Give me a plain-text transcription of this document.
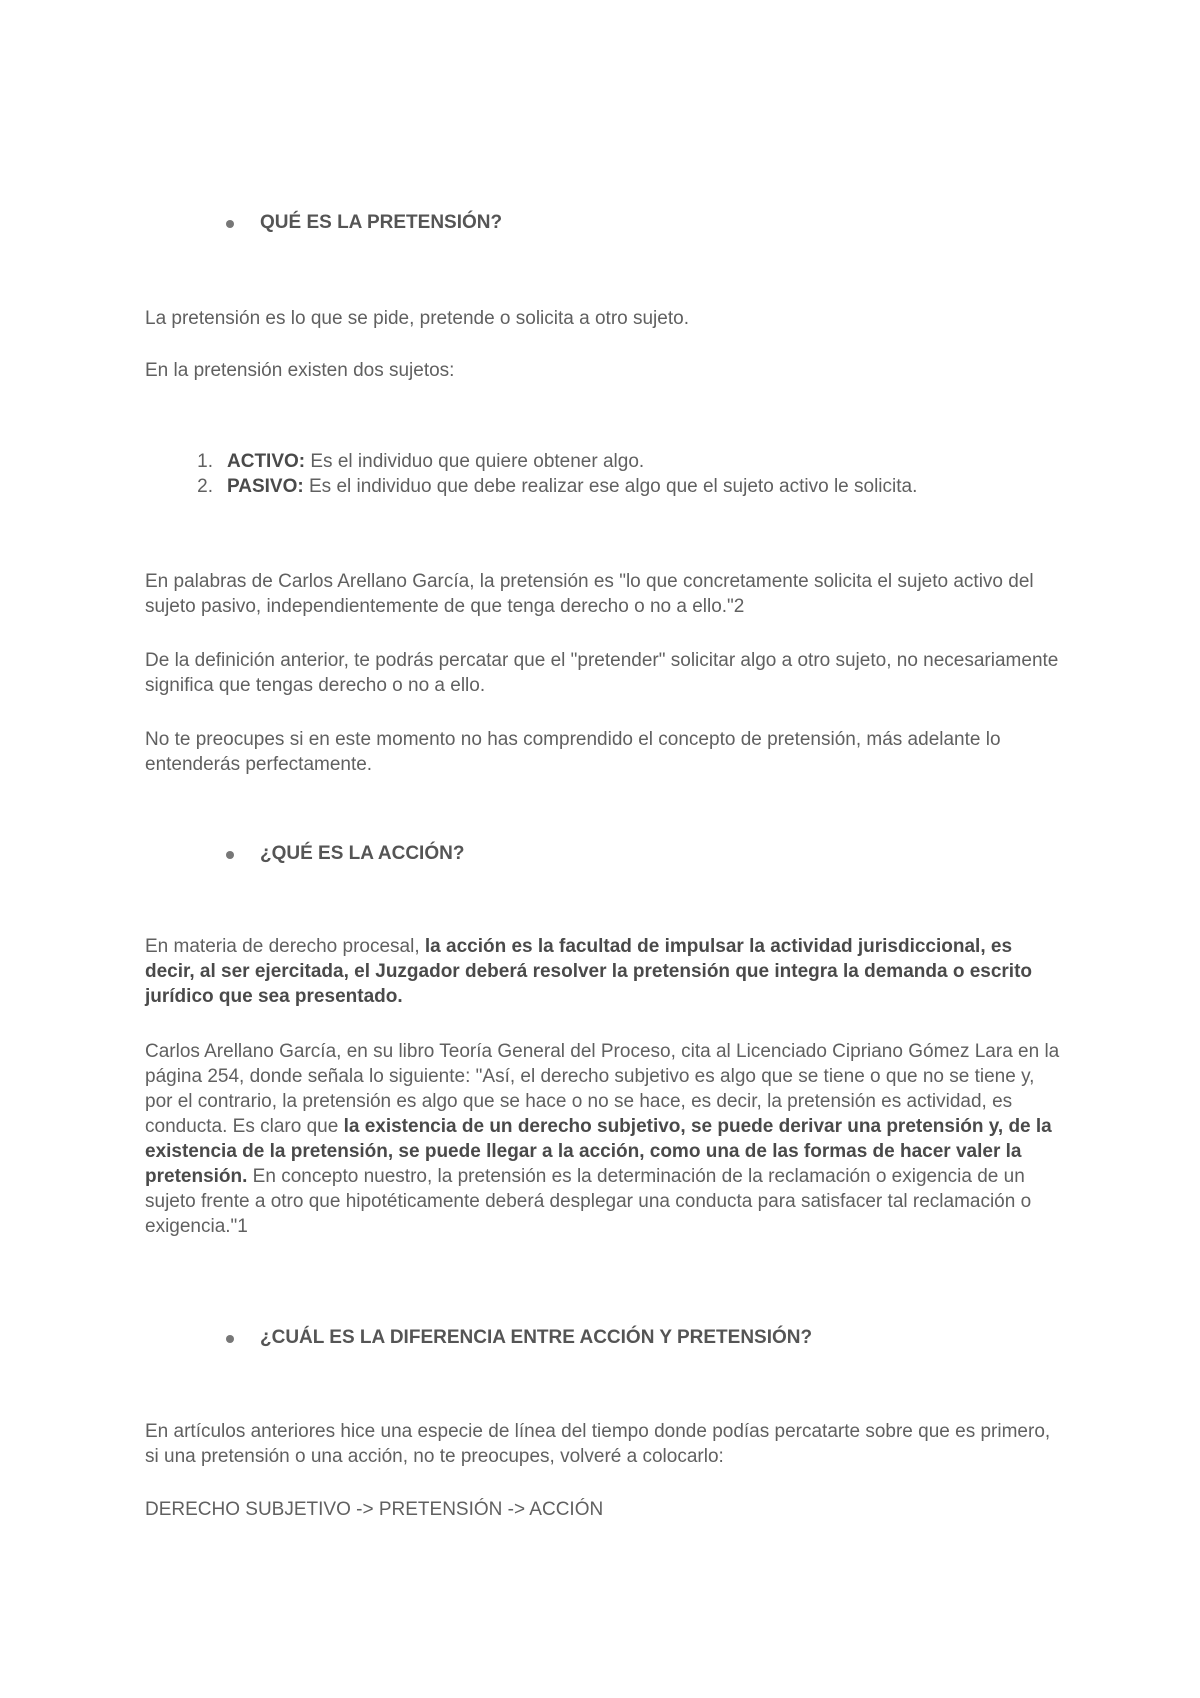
QUÉ ES LA PRETENSIÓN?

La pretensión es lo que se pide, pretende o solicita a otro sujeto.

En la pretensión existen dos sujetos:

1. ACTIVO: Es el individuo que quiere obtener algo.
2. PASIVO: Es el individuo que debe realizar ese algo que el sujeto activo le solicita.

En palabras de Carlos Arellano García, la pretensión es "lo que concretamente solicita el sujeto activo del sujeto pasivo, independientemente de que tenga derecho o no a ello."2

De la definición anterior, te podrás percatar que el "pretender" solicitar algo a otro sujeto, no necesariamente significa que tengas derecho o no a ello.

No te preocupes si en este momento no has comprendido el concepto de pretensión, más adelante lo entenderás perfectamente.

¿QUÉ ES LA ACCIÓN?

En materia de derecho procesal, la acción es la facultad de impulsar la actividad jurisdiccional, es decir, al ser ejercitada, el Juzgador deberá resolver la pretensión que integra la demanda o escrito jurídico que sea presentado.

Carlos Arellano García, en su libro Teoría General del Proceso, cita al Licenciado Cipriano Gómez Lara en la página 254, donde señala lo siguiente: "Así, el derecho subjetivo es algo que se tiene o que no se tiene y, por el contrario, la pretensión es algo que se hace o no se hace, es decir, la pretensión es actividad, es conducta. Es claro que la existencia de un derecho subjetivo, se puede derivar una pretensión y, de la existencia de la pretensión, se puede llegar a la acción, como una de las formas de hacer valer la pretensión. En concepto nuestro, la pretensión es la determinación de la reclamación o exigencia de un sujeto frente a otro que hipotéticamente deberá desplegar una conducta para satisfacer tal reclamación o exigencia."1

¿CUÁL ES LA DIFERENCIA ENTRE ACCIÓN Y PRETENSIÓN?

En artículos anteriores hice una especie de línea del tiempo donde podías percatarte sobre que es primero, si una pretensión o una acción, no te preocupes, volveré a colocarlo:

DERECHO SUBJETIVO -> PRETENSIÓN -> ACCIÓN
